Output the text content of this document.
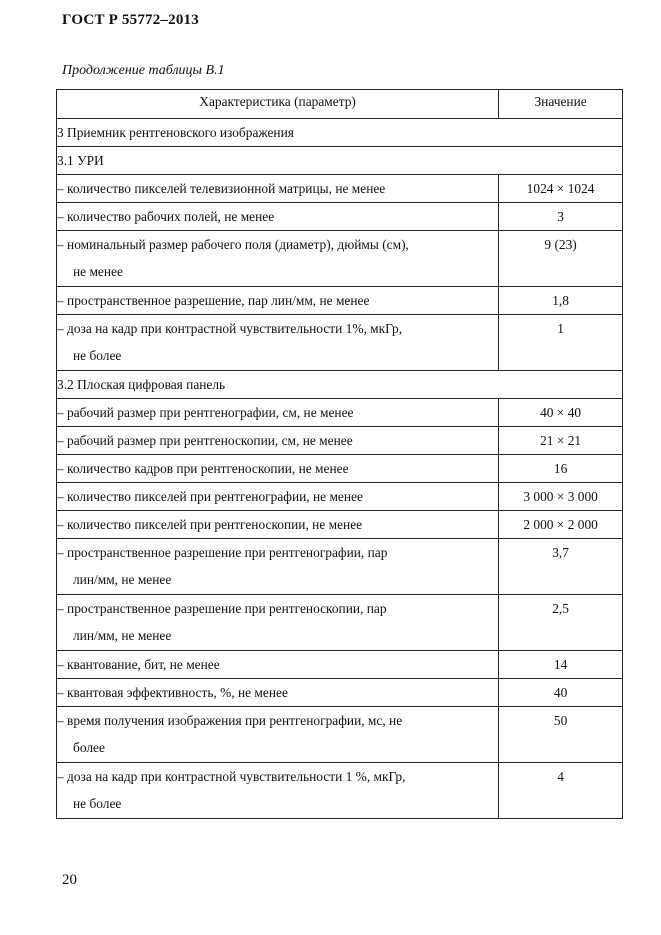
ГОСТ Р 55772–2013
Продолжение таблицы В.1
Характеристика (параметр)	Значение
3 Приемник рентгеновского изображения	
3.1 УРИ	
– количество пикселей телевизионной матрицы, не менее	1024 × 1024
– количество рабочих полей, не менее	3
– номинальный размер рабочего поля (диаметр), дюймы (см),
не менее	9 (23)
– пространственное разрешение, пар лин/мм, не менее	1,8
– доза на кадр при контрастной чувствительности 1%, мкГр,
не более	1
3.2 Плоская цифровая панель	
– рабочий размер при рентгенографии, см, не менее	40 × 40
– рабочий размер при рентгеноскопии, см, не менее	21 × 21
– количество кадров при рентгеноскопии, не менее	16
– количество пикселей при рентгенографии, не менее	3 000 × 3 000
– количество пикселей при рентгеноскопии, не менее	2 000 × 2 000
– пространственное разрешение при рентгенографии, пар
лин/мм, не менее	3,7
– пространственное разрешение при рентгеноскопии, пар
лин/мм, не менее	2,5
– квантование, бит, не менее	14
– квантовая эффективность, %, не менее	40
– время получения изображения при рентгенографии, мс, не
более	50
– доза на кадр при контрастной чувствительности 1 %, мкГр,
не более	4
20
